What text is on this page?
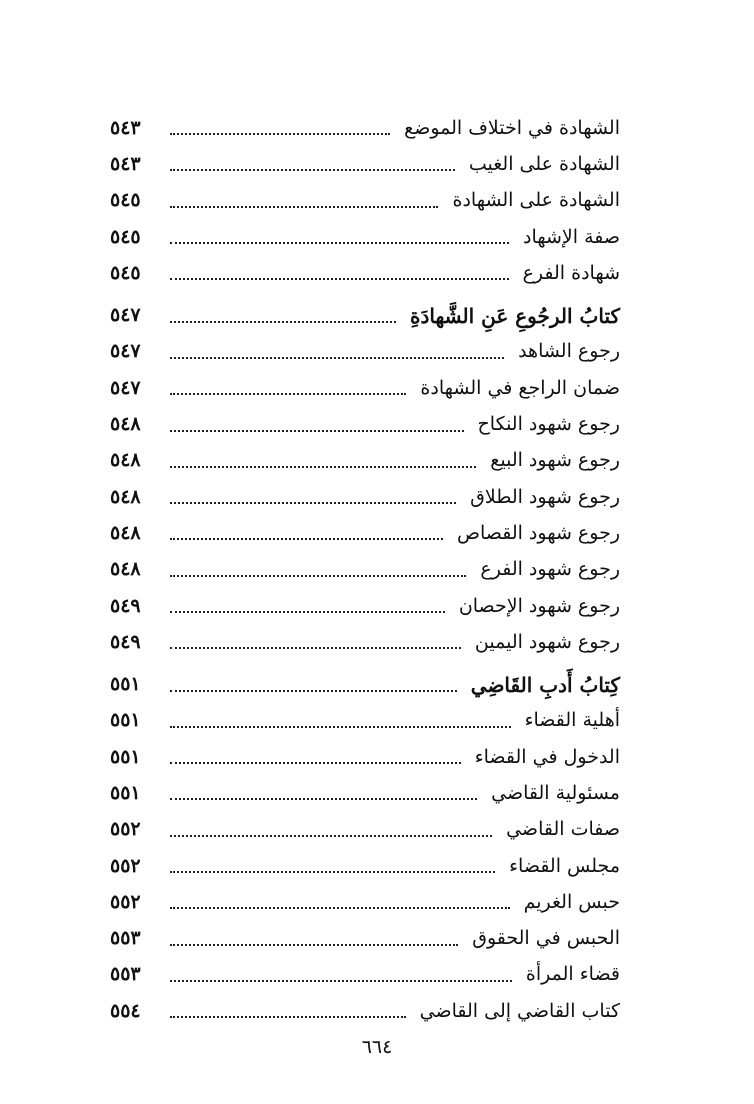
الشهادة في اختلاف الموضع
٥٤٣
الشهادة على الغيب
٥٤٣
الشهادة على الشهادة
٥٤٥
صفة الإشهاد
٥٤٥
شهادة الفرع
٥٤٥
كتابُ الرجُوعِ عَنِ الشَّهادَةِ
٥٤٧
رجوع الشاهد
٥٤٧
ضمان الراجع في الشهادة
٥٤٧
رجوع شهود النكاح
٥٤٨
رجوع شهود البيع
٥٤٨
رجوع شهود الطلاق
٥٤٨
رجوع شهود القصاص
٥٤٨
رجوع شهود الفرع
٥٤٨
رجوع شهود الإحصان
٥٤٩
رجوع شهود اليمين
٥٤٩
كِتابُ أَدبِ القَاضِي
٥٥١
أهلية القضاء
٥٥١
الدخول في القضاء
٥٥١
مسئولية القاضي
٥٥١
صفات القاضي
٥٥٢
مجلس القضاء
٥٥٢
حبس الغريم
٥٥٢
الحبس في الحقوق
٥٥٣
قضاء المرأة
٥٥٣
كتاب القاضي إلى القاضي
٥٥٤
٦٦٤
